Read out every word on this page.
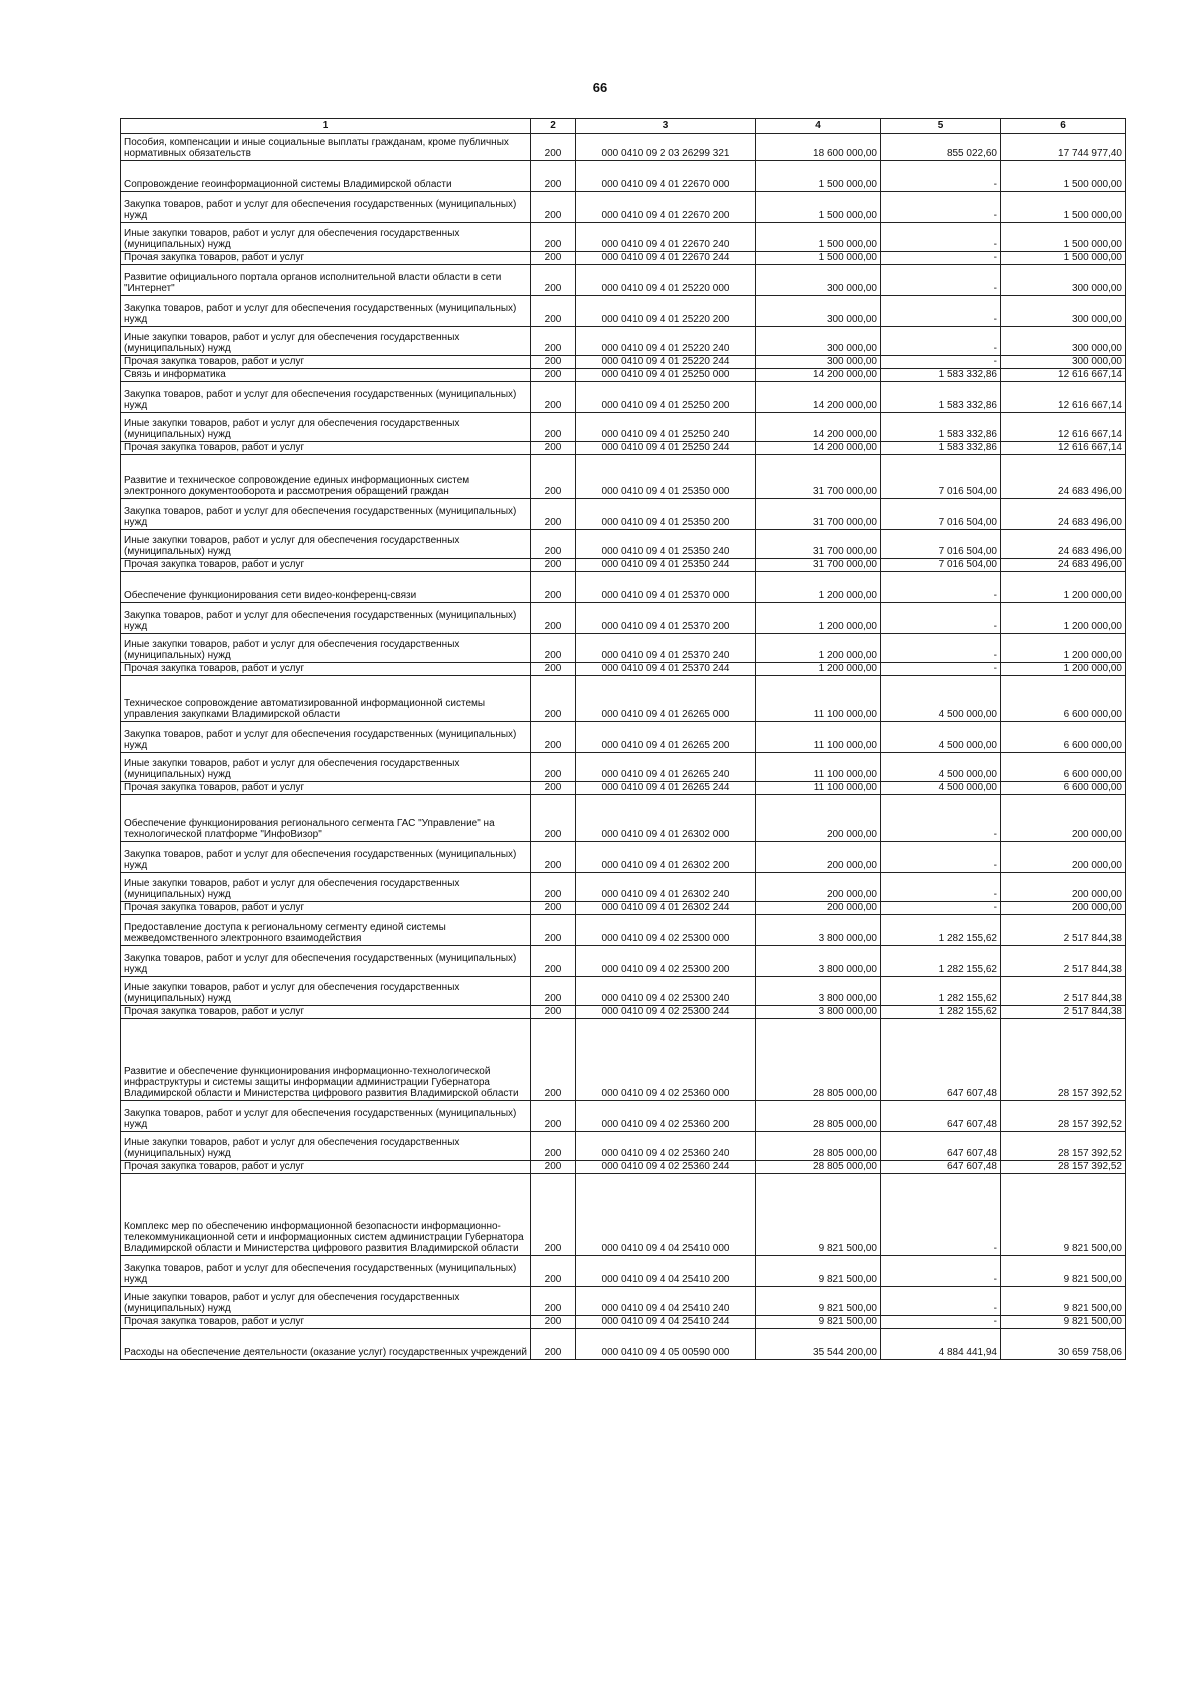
66
1	2	3	4	5	6
Пособия, компенсации и иные социальные выплаты гражданам, кроме публичных нормативных обязательств	200	000 0410 09 2 03 26299 321	18 600 000,00	855 022,60	17 744 977,40
Сопровождение геоинформационной системы Владимирской области	200	000 0410 09 4 01 22670 000	1 500 000,00	-	1 500 000,00
Закупка товаров, работ и услуг для обеспечения государственных (муниципальных) нужд	200	000 0410 09 4 01 22670 200	1 500 000,00	-	1 500 000,00
Иные закупки товаров, работ и услуг для обеспечения государственных (муниципальных) нужд	200	000 0410 09 4 01 22670 240	1 500 000,00	-	1 500 000,00
Прочая закупка товаров, работ и услуг	200	000 0410 09 4 01 22670 244	1 500 000,00	-	1 500 000,00
Развитие официального портала органов исполнительной власти области в сети "Интернет"	200	000 0410 09 4 01 25220 000	300 000,00	-	300 000,00
Закупка товаров, работ и услуг для обеспечения государственных (муниципальных) нужд	200	000 0410 09 4 01 25220 200	300 000,00	-	300 000,00
Иные закупки товаров, работ и услуг для обеспечения государственных (муниципальных) нужд	200	000 0410 09 4 01 25220 240	300 000,00	-	300 000,00
Прочая закупка товаров, работ и услуг	200	000 0410 09 4 01 25220 244	300 000,00	-	300 000,00
Связь и информатика	200	000 0410 09 4 01 25250 000	14 200 000,00	1 583 332,86	12 616 667,14
Закупка товаров, работ и услуг для обеспечения государственных (муниципальных) нужд	200	000 0410 09 4 01 25250 200	14 200 000,00	1 583 332,86	12 616 667,14
Иные закупки товаров, работ и услуг для обеспечения государственных (муниципальных) нужд	200	000 0410 09 4 01 25250 240	14 200 000,00	1 583 332,86	12 616 667,14
Прочая закупка товаров, работ и услуг	200	000 0410 09 4 01 25250 244	14 200 000,00	1 583 332,86	12 616 667,14
Развитие и техническое сопровождение единых информационных систем электронного документооборота и рассмотрения обращений граждан	200	000 0410 09 4 01 25350 000	31 700 000,00	7 016 504,00	24 683 496,00
Закупка товаров, работ и услуг для обеспечения государственных (муниципальных) нужд	200	000 0410 09 4 01 25350 200	31 700 000,00	7 016 504,00	24 683 496,00
Иные закупки товаров, работ и услуг для обеспечения государственных (муниципальных) нужд	200	000 0410 09 4 01 25350 240	31 700 000,00	7 016 504,00	24 683 496,00
Прочая закупка товаров, работ и услуг	200	000 0410 09 4 01 25350 244	31 700 000,00	7 016 504,00	24 683 496,00
Обеспечение функционирования сети видео-конференц-связи	200	000 0410 09 4 01 25370 000	1 200 000,00	-	1 200 000,00
Закупка товаров, работ и услуг для обеспечения государственных (муниципальных) нужд	200	000 0410 09 4 01 25370 200	1 200 000,00	-	1 200 000,00
Иные закупки товаров, работ и услуг для обеспечения государственных (муниципальных) нужд	200	000 0410 09 4 01 25370 240	1 200 000,00	-	1 200 000,00
Прочая закупка товаров, работ и услуг	200	000 0410 09 4 01 25370 244	1 200 000,00	-	1 200 000,00
Техническое сопровождение автоматизированной информационной системы управления закупками Владимирской области	200	000 0410 09 4 01 26265 000	11 100 000,00	4 500 000,00	6 600 000,00
Закупка товаров, работ и услуг для обеспечения государственных (муниципальных) нужд	200	000 0410 09 4 01 26265 200	11 100 000,00	4 500 000,00	6 600 000,00
Иные закупки товаров, работ и услуг для обеспечения государственных (муниципальных) нужд	200	000 0410 09 4 01 26265 240	11 100 000,00	4 500 000,00	6 600 000,00
Прочая закупка товаров, работ и услуг	200	000 0410 09 4 01 26265 244	11 100 000,00	4 500 000,00	6 600 000,00
Обеспечение функционирования регионального сегмента ГАС "Управление" на технологической платформе "ИнфоВизор"	200	000 0410 09 4 01 26302 000	200 000,00	-	200 000,00
Закупка товаров, работ и услуг для обеспечения государственных (муниципальных) нужд	200	000 0410 09 4 01 26302 200	200 000,00	-	200 000,00
Иные закупки товаров, работ и услуг для обеспечения государственных (муниципальных) нужд	200	000 0410 09 4 01 26302 240	200 000,00	-	200 000,00
Прочая закупка товаров, работ и услуг	200	000 0410 09 4 01 26302 244	200 000,00	-	200 000,00
Предоставление доступа к региональному сегменту единой системы межведомственного электронного взаимодействия	200	000 0410 09 4 02 25300 000	3 800 000,00	1 282 155,62	2 517 844,38
Закупка товаров, работ и услуг для обеспечения государственных (муниципальных) нужд	200	000 0410 09 4 02 25300 200	3 800 000,00	1 282 155,62	2 517 844,38
Иные закупки товаров, работ и услуг для обеспечения государственных (муниципальных) нужд	200	000 0410 09 4 02 25300 240	3 800 000,00	1 282 155,62	2 517 844,38
Прочая закупка товаров, работ и услуг	200	000 0410 09 4 02 25300 244	3 800 000,00	1 282 155,62	2 517 844,38
Развитие и обеспечение функционирования информационно-технологической инфраструктуры и системы защиты информации администрации Губернатора Владимирской области и Министерства цифрового развития Владимирской области	200	000 0410 09 4 02 25360 000	28 805 000,00	647 607,48	28 157 392,52
Закупка товаров, работ и услуг для обеспечения государственных (муниципальных) нужд	200	000 0410 09 4 02 25360 200	28 805 000,00	647 607,48	28 157 392,52
Иные закупки товаров, работ и услуг для обеспечения государственных (муниципальных) нужд	200	000 0410 09 4 02 25360 240	28 805 000,00	647 607,48	28 157 392,52
Прочая закупка товаров, работ и услуг	200	000 0410 09 4 02 25360 244	28 805 000,00	647 607,48	28 157 392,52
Комплекс мер по обеспечению информационной безопасности информационно-телекоммуникационной сети и информационных систем администрации Губернатора Владимирской области и Министерства цифрового развития Владимирской области	200	000 0410 09 4 04 25410 000	9 821 500,00	-	9 821 500,00
Закупка товаров, работ и услуг для обеспечения государственных (муниципальных) нужд	200	000 0410 09 4 04 25410 200	9 821 500,00	-	9 821 500,00
Иные закупки товаров, работ и услуг для обеспечения государственных (муниципальных) нужд	200	000 0410 09 4 04 25410 240	9 821 500,00	-	9 821 500,00
Прочая закупка товаров, работ и услуг	200	000 0410 09 4 04 25410 244	9 821 500,00	-	9 821 500,00
Расходы на обеспечение деятельности (оказание услуг) государственных учреждений	200	000 0410 09 4 05 00590 000	35 544 200,00	4 884 441,94	30 659 758,06
